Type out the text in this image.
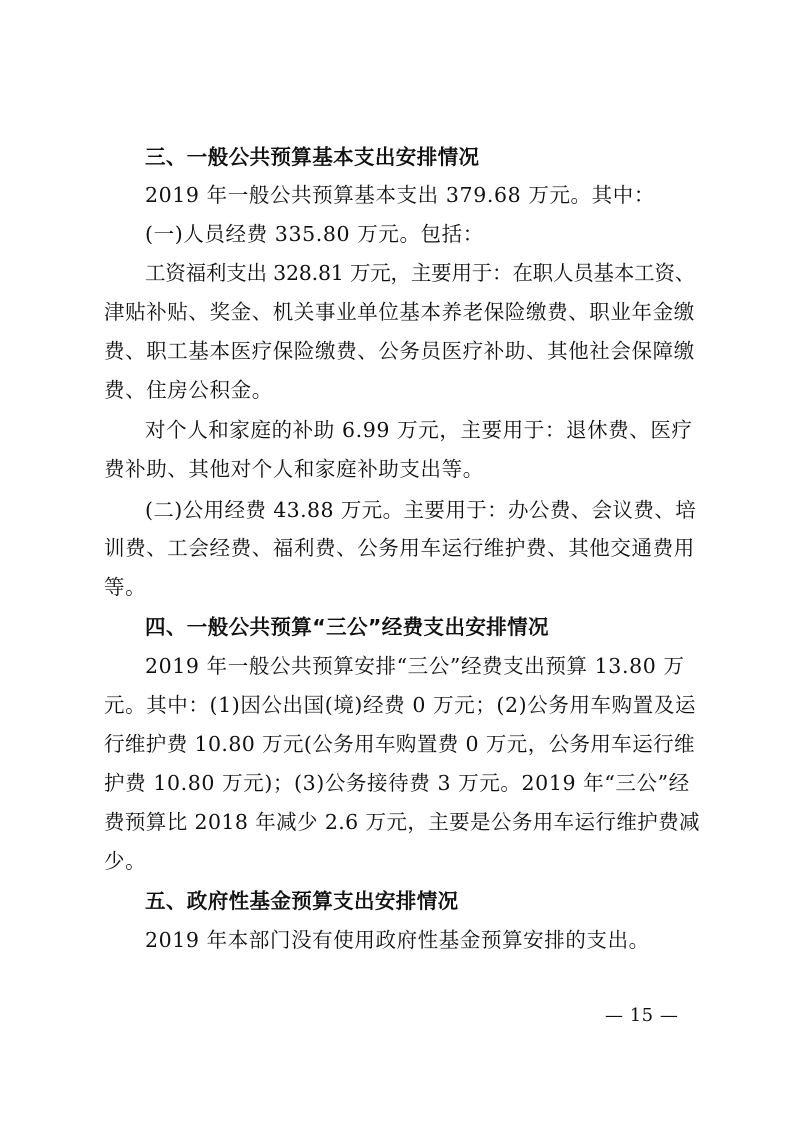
三、一般公共预算基本支出安排情况
2019 年一般公共预算基本支出 379.68 万元。其中：
(一)人员经费 335.80 万元。包括：
工资福利支出 328.81 万元，主要用于：在职人员基本工资、
津贴补贴、奖金、机关事业单位基本养老保险缴费、职业年金缴
费、职工基本医疗保险缴费、公务员医疗补助、其他社会保障缴
费、住房公积金。
对个人和家庭的补助 6.99 万元，主要用于：退休费、医疗
费补助、其他对个人和家庭补助支出等。
(二)公用经费 43.88 万元。主要用于：办公费、会议费、培
训费、工会经费、福利费、公务用车运行维护费、其他交通费用
等。
四、一般公共预算“三公”经费支出安排情况
2019 年一般公共预算安排“三公”经费支出预算 13.80 万
元。其中：(1)因公出国(境)经费 0 万元；(2)公务用车购置及运
行维护费 10.80 万元(公务用车购置费 0 万元，公务用车运行维
护费 10.80 万元)；(3)公务接待费 3 万元。2019 年“三公”经
费预算比 2018 年减少 2.6 万元，主要是公务用车运行维护费减
少。
五、政府性基金预算支出安排情况
2019 年本部门没有使用政府性基金预算安排的支出。
— 15 —
